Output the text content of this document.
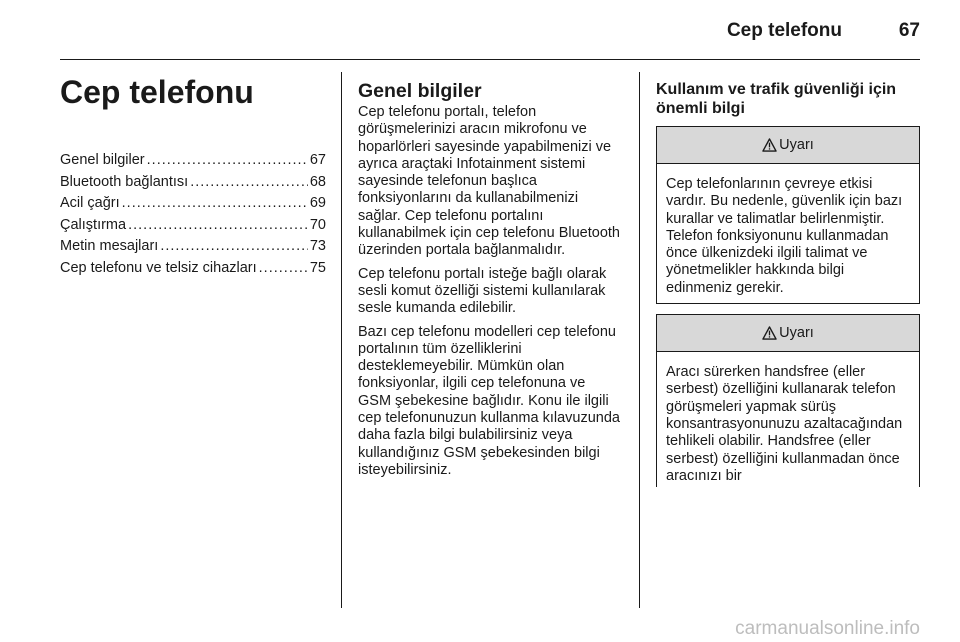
Cep telefonu	67
Cep telefonu
Genel bilgiler .....	67
Bluetooth bağlantısı .....	68
Acil çağrı .....	69
Çalıştırma .....	70
Metin mesajları .....	73
Cep telefonu ve telsiz cihazları .....	75
Genel bilgiler

Cep telefonu portalı, telefon görüşmelerinizi aracın mikrofonu ve hoparlörleri sayesinde yapabilmenizi ve ayrıca araçtaki Infotainment sistemi sayesinde telefonun başlıca fonksiyonlarını da kullanabilmenizi sağlar. Cep telefonu portalını kullanabilmek için cep telefonu Bluetooth üzerinden portala bağlanmalıdır.

Cep telefonu portalı isteğe bağlı olarak sesli komut özelliği sistemi kullanılarak sesle kumanda edilebilir.

Bazı cep telefonu modelleri cep telefonu portalının tüm özelliklerini desteklemeyebilir. Mümkün olan fonksiyonlar, ilgili cep telefonuna ve GSM şebekesine bağlıdır. Konu ile ilgili cep telefonunuzun kullanma kılavuzunda daha fazla bilgi bulabilirsiniz veya kullandığınız GSM şebekesinden bilgi isteyebilirsiniz.

Kullanım ve trafik güvenliği için önemli bilgi
Uyarı
Cep telefonlarının çevreye etkisi vardır. Bu nedenle, güvenlik için bazı kurallar ve talimatlar belirlenmiştir. Telefon fonksiyonunu kullanmadan önce ülkenizdeki ilgili talimat ve yönetmelikler hakkında bilgi edinmeniz gerekir.
Uyarı
Aracı sürerken handsfree (eller serbest) özelliğini kullanarak telefon görüşmeleri yapmak sürüş konsantrasyonunuzu azaltacağından tehlikeli olabilir. Handsfree (eller serbest) özelliğini kullanmadan önce aracınızı bir
carmanualsonline.info
